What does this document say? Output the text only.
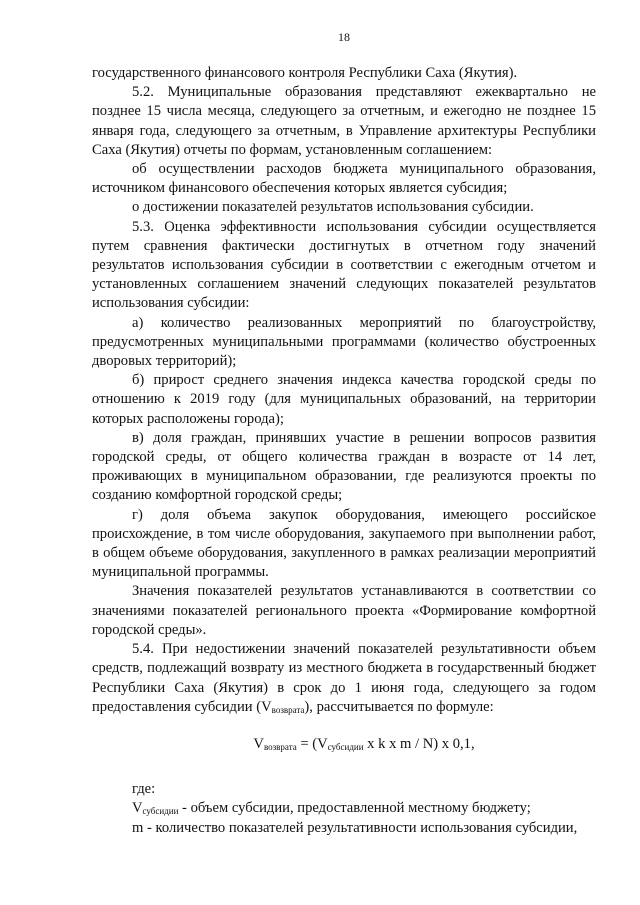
18

государственного финансового контроля Республики Саха (Якутия).

5.2. Муниципальные образования представляют ежеквартально не позднее 15 числа месяца, следующего за отчетным, и ежегодно не позднее 15 января года, следующего за отчетным, в Управление архитектуры Республики Саха (Якутия) отчеты по формам, установленным соглашением:

об осуществлении расходов бюджета муниципального образования, источником финансового обеспечения которых является субсидия;

о достижении показателей результатов использования субсидии.

5.3. Оценка эффективности использования субсидии осуществляется путем сравнения фактически достигнутых в отчетном году значений результатов использования субсидии в соответствии с ежегодным отчетом и установленных соглашением значений следующих показателей результатов использования субсидии:

а) количество реализованных мероприятий по благоустройству, предусмотренных муниципальными программами (количество обустроенных дворовых территорий);

б) прирост среднего значения индекса качества городской среды по отношению к 2019 году (для муниципальных образований, на территории которых расположены города);

в) доля граждан, принявших участие в решении вопросов развития городской среды, от общего количества граждан в возрасте от 14 лет, проживающих в муниципальном образовании, где реализуются проекты по созданию комфортной городской среды;

г) доля объема закупок оборудования, имеющего российское происхождение, в том числе оборудования, закупаемого при выполнении работ, в общем объеме оборудования, закупленного в рамках реализации мероприятий муниципальной программы.

Значения показателей результатов устанавливаются в соответствии со значениями показателей регионального проекта «Формирование комфортной городской среды».

5.4. При недостижении значений показателей результативности объем средств, подлежащий возврату из местного бюджета в государственный бюджет Республики Саха (Якутия) в срок до 1 июня года, следующего за годом предоставления субсидии $(V_{возврата})$, рассчитывается по формуле:

$V_{возврата} = (V_{субсидии}$ x k x m / N) x 0,1,

где:

$V_{субсидии}$ - объем субсидии, предоставленной местному бюджету;

m - количество показателей результативности использования субсидии,
